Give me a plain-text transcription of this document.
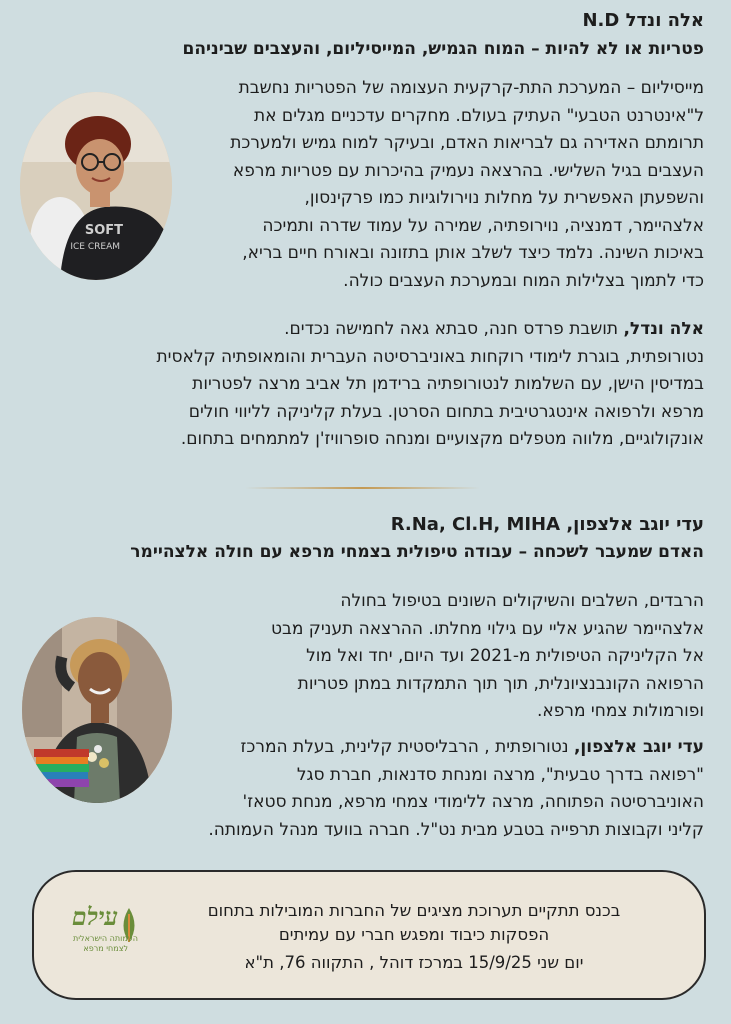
אלה ונדל N.D
פטריות או לא להיות – המוח הגמיש, המייסיליום, והעצבים שביניהם
SOFT
ICE CREAM
מייסיליום – המערכת התת-קרקעית העצומה של הפטריות נחשבת
ל"אינטרנט הטבעי" העתיק בעולם. מחקרים עדכניים מגלים את
תרומתם האדירה גם לבריאות האדם, ובעיקר למוח גמיש ולמערכת
העצבים בגיל השלישי. בהרצאה נעמיק בהיכרות עם פטריות מרפא
והשפעתן האפשרית על מחלות נוירולוגיות כמו פרקינסון,
אלצהיימר, דמנציה, נוירופתיה, שמירה על עמוד שדרה ותמיכה
באיכות השינה. נלמד כיצד לשלב אותן בתזונה ובאורח חיים בריא,
כדי לתמוך בצלילות המוח ובמערכת העצבים כולה.
אלה ונדל, תושבת פרדס חנה, סבתא גאה לחמישה נכדים.
נטורופתית, בוגרת לימודי רוקחות באוניברסיטה העברית והומאופתיה קלאסית
במדיסין הישן, עם השלמות לנטורופתיה ברידמן תל אביב מרצה לפטריות
מרפא ולרפואה אינטגרטיבית בתחום הסרטן. בעלת קליניקה לליווי חולים
אונקולוגיים, מלווה מטפלים מקצועיים ומנחה סופרוויז'ן למתמחים בתחום.
עדי יוגב אלצפון, R.Na, Cl.H, MIHA
האדם שמעבר לשכחה – עבודה טיפולית בצמחי מרפא עם חולה אלצהיימר
הרבדים, השלבים והשיקולים השונים בטיפול בחולה
אלצהיימר שהגיע אליי עם גילוי מחלתו. ההרצאה תעניק מבט
אל הקליניקה הטיפולית מ-2021 ועד היום, יחד ואל מול
הרפואה הקונבנציונלית, תוך תוך התמקדות במתן פטריות
ופורמולות צמחי מרפא.
עדי יוגב אלצפון, נטורופתית , הרבליסטית קלינית, בעלת המרכז
"רפואה בדרך טבעית", מרצה ומנחת סדנאות, חברת סגל
האוניברסיטה הפתוחה, מרצה ללימודי צמחי מרפא, מנחת סטאז'
קליני וקבוצות תרפייה בטבע מבית נט"ל. חברה בוועד מנהל העמותה.
בכנס תתקיים תערוכת מציגים של החברות המובילות בתחום
הפסקות כיבוד ומפגש חברי עם עמיתים
יום שני 15/9/25 במרכז דוהל , התקווה 76, ת"א
עילם
העמותה הישראלית
לצמחי מרפא
